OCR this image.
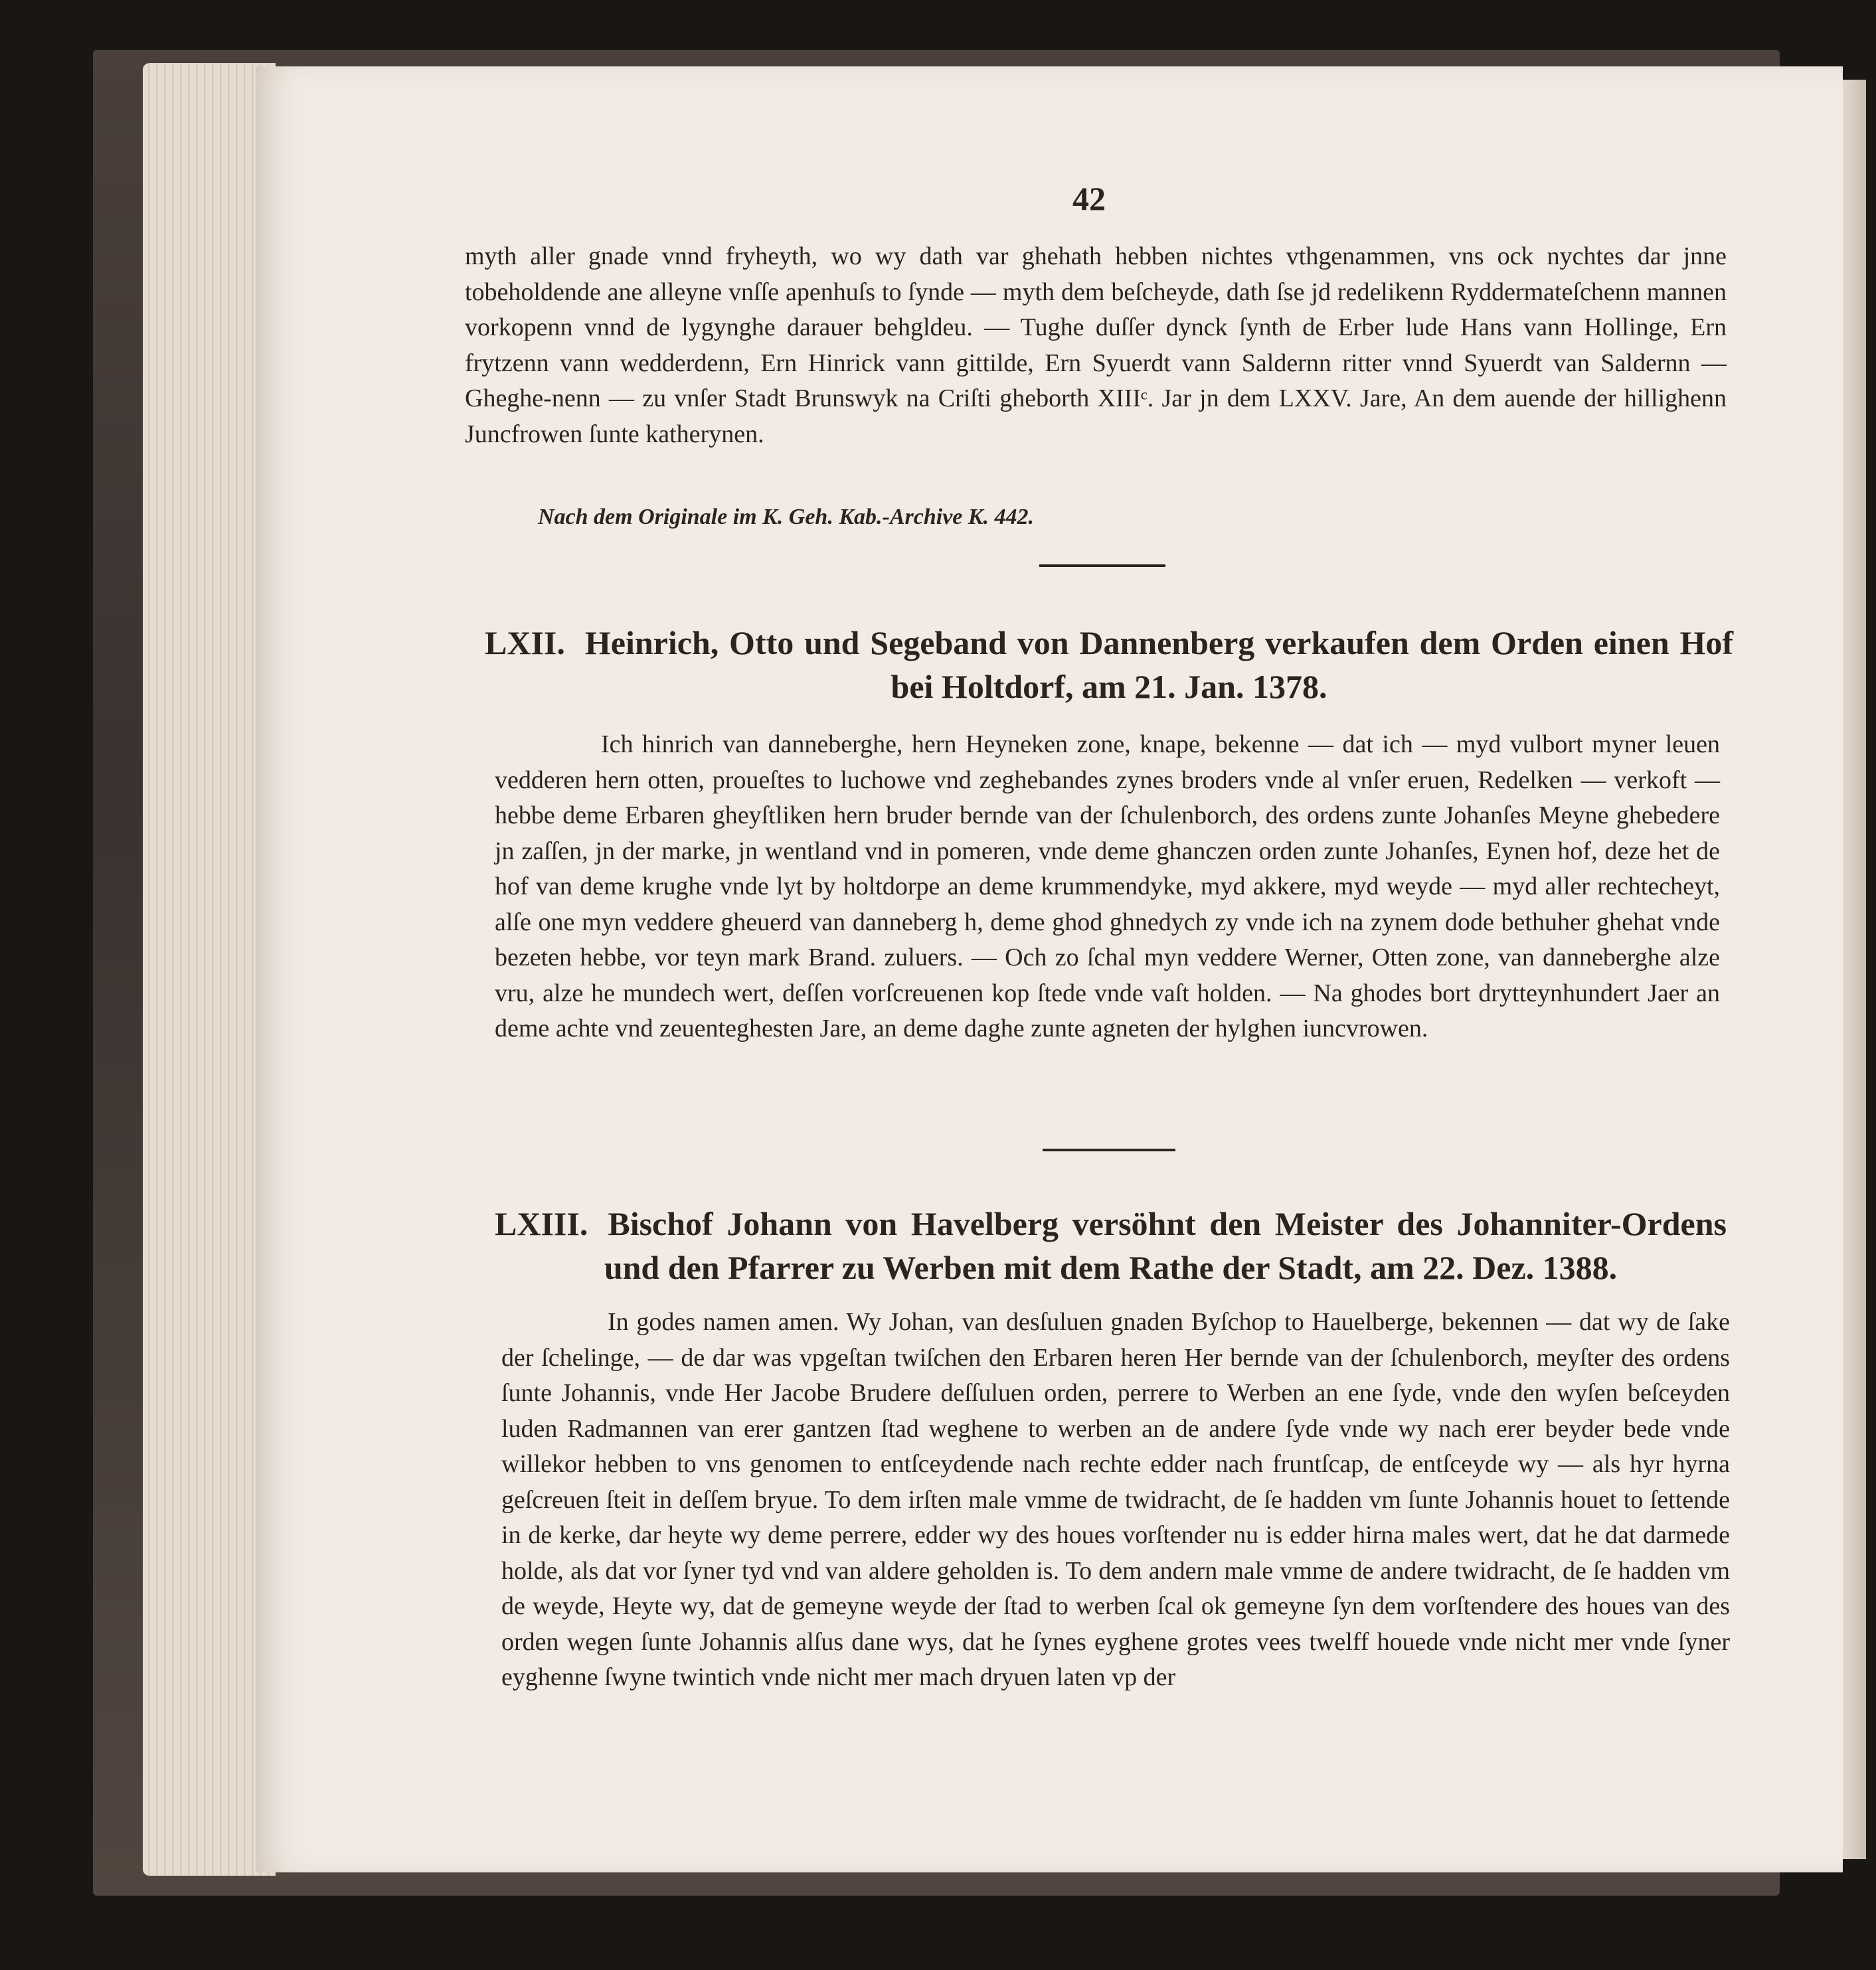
42

myth aller gnade vnnd fryheyth, wo wy dath var ghehath hebben nichtes vthgenammen, vns ock nychtes dar jnne tobeholdende ane alleyne vnſſe apenhuſs to ſynde — myth dem beſcheyde, dath ſse jd redelikenn Ryddermateſchenn mannen vorkopenn vnnd de lygynghe darauer behgldeu. — Tughe duſſer dynck ſynth de Erber lude Hans vann Hollinge, Ern frytzenn vann wedderdenn, Ern Hinrick vann gittilde, Ern Syuerdt vann Saldernn ritter vnnd Syuerdt van Saldernn — Gheghe-nenn — zu vnſer Stadt Brunswyk na Criſti gheborth XIIIᶜ. Jar jn dem LXXV. Jare, An dem auende der hillighenn Juncfrowen ſunte katherynen.

Nach dem Originale im K. Geh. Kab.-Archive K. 442.
LXII. Heinrich, Otto und Segeband von Dannenberg verkaufen dem Orden einen Hof bei Holtdorf, am 21. Jan. 1378.

Ich hinrich van danneberghe, hern Heyneken zone, knape, bekenne — dat ich — myd vulbort myner leuen vedderen hern otten, proueſtes to luchowe vnd zeghebandes zynes broders vnde al vnſer eruen, Redelken — verkoft — hebbe deme Erbaren gheyſtliken hern bruder bernde van der ſchulenborch, des ordens zunte Johanſes Meyne ghebedere jn zaſſen, jn der marke, jn wentland vnd in pomeren, vnde deme ghanczen orden zunte Johanſes, Eynen hof, deze het de hof van deme krughe vnde lyt by holtdorpe an deme krummendyke, myd akkere, myd weyde — myd aller rechtecheyt, alſe one myn veddere gheuerd van danneberg h, deme ghod ghnedych zy vnde ich na zynem dode bethuher ghehat vnde bezeten hebbe, vor teyn mark Brand. zuluers. — Och zo ſchal myn veddere Werner, Otten zone, van danneberghe alze vru, alze he mundech wert, deſſen vorſcreuenen kop ſtede vnde vaſt holden. — Na ghodes bort drytteynhundert Jaer an deme achte vnd zeuenteghesten Jare, an deme daghe zunte agneten der hylghen iuncvrowen.

LXIII. Bischof Johann von Havelberg versöhnt den Meister des Johanniter-Ordens und den Pfarrer zu Werben mit dem Rathe der Stadt, am 22. Dez. 1388.

In godes namen amen. Wy Johan, van desſuluen gnaden Byſchop to Hauelberge, bekennen — dat wy de ſake der ſchelinge, — de dar was vpgeſtan twiſchen den Erbaren heren Her bernde van der ſchulenborch, meyſter des ordens ſunte Johannis, vnde Her Jacobe Brudere deſſuluen orden, perrere to Werben an ene ſyde, vnde den wyſen beſceyden luden Radmannen van erer gantzen ſtad weghene to werben an de andere ſyde vnde wy nach erer beyder bede vnde willekor hebben to vns genomen to entſceydende nach rechte edder nach fruntſcap, de entſceyde wy — als hyr hyrna geſcreuen ſteit in deſſem bryue. To dem irſten male vmme de twidracht, de ſe hadden vm ſunte Johannis houet to ſettende in de kerke, dar heyte wy deme perrere, edder wy des houes vorſtender nu is edder hirna males wert, dat he dat darmede holde, als dat vor ſyner tyd vnd van aldere geholden is. To dem andern male vmme de andere twidracht, de ſe hadden vm de weyde, Heyte wy, dat de gemeyne weyde der ſtad to werben ſcal ok gemeyne ſyn dem vorſtendere des houes van des orden wegen ſunte Johannis alſus dane wys, dat he ſynes eyghene grotes vees twelff houede vnde nicht mer vnde ſyner eyghenne ſwyne twintich vnde nicht mer mach dryuen laten vp der
